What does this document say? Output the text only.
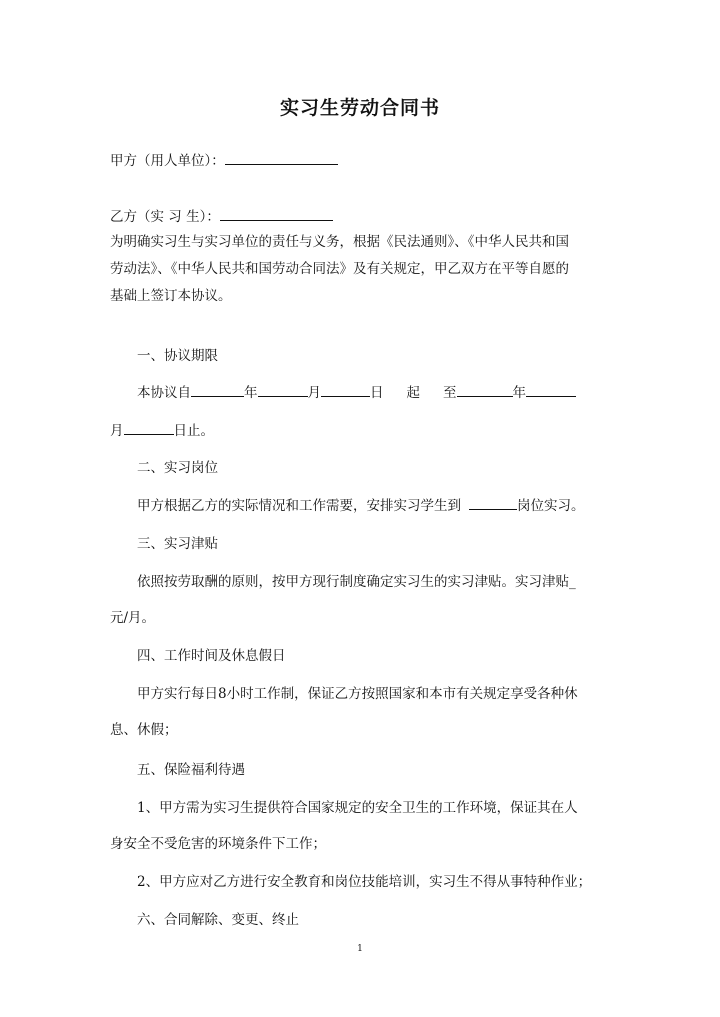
实习生劳动合同书

甲方（用人单位）：

乙方（实 习 生）：

为明确实习生与实习单位的责任与义务，根据《民法通则》、《中华人民共和国

劳动法》、《中华人民共和国劳动合同法》及有关规定，甲乙双方在平等自愿的

基础上签订本协议。

一、协议期限

本协议自	年	月	日 起 至	年

月	日止。

二、实习岗位

甲方根据乙方的实际情况和工作需要，安排实习学生到	岗位实习。

三、实习津贴

依照按劳取酬的原则，按甲方现行制度确定实习生的实习津贴。实习津贴_

元/月。

四、工作时间及休息假日

甲方实行每日8小时工作制，保证乙方按照国家和本市有关规定享受各种休

息、休假；

五、保险福利待遇

1、甲方需为实习生提供符合国家规定的安全卫生的工作环境，保证其在人

身安全不受危害的环境条件下工作；

2、甲方应对乙方进行安全教育和岗位技能培训，实习生不得从事特种作业；

六、合同解除、变更、终止

1
